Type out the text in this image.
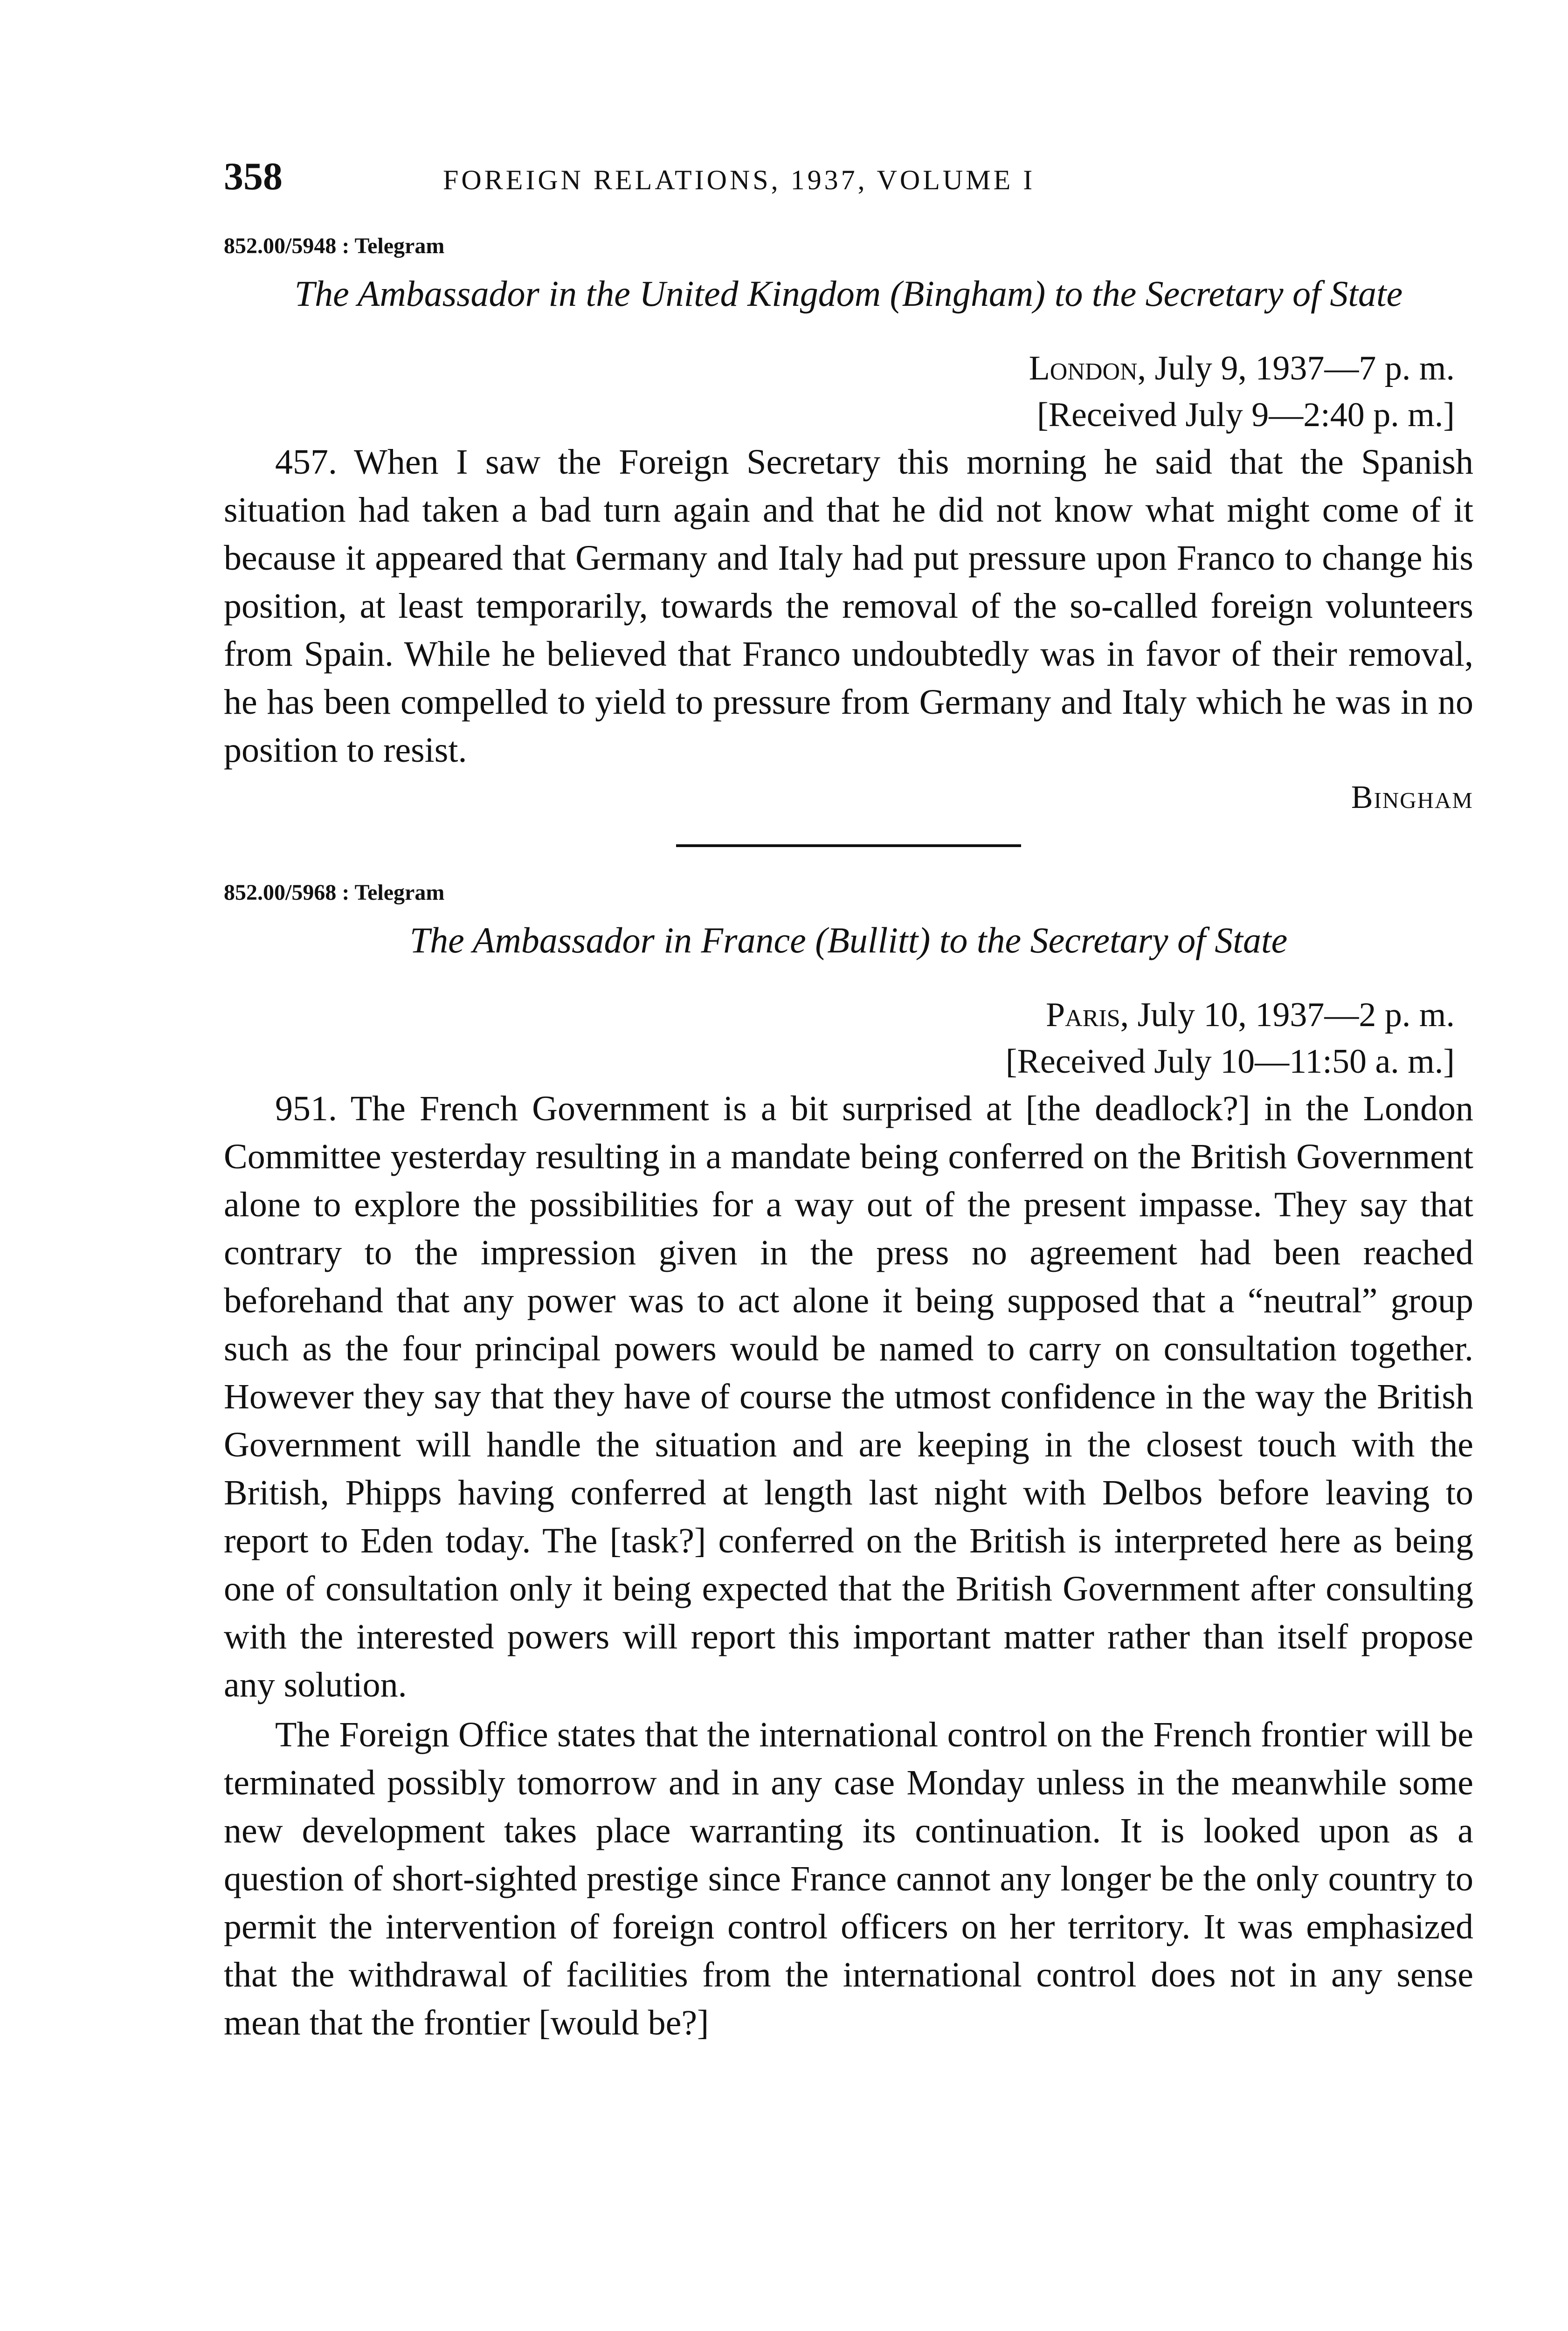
358	FOREIGN RELATIONS, 1937, VOLUME I
852.00/5948 : Telegram
The Ambassador in the United Kingdom (Bingham) to the Secretary of State
London, July 9, 1937—7 p. m.
[Received July 9—2:40 p. m.]

457. When I saw the Foreign Secretary this morning he said that the Spanish situation had taken a bad turn again and that he did not know what might come of it because it appeared that Germany and Italy had put pressure upon Franco to change his position, at least temporarily, towards the removal of the so-called foreign volunteers from Spain. While he believed that Franco undoubtedly was in favor of their removal, he has been compelled to yield to pressure from Germany and Italy which he was in no position to resist.

Bingham
852.00/5968 : Telegram
The Ambassador in France (Bullitt) to the Secretary of State
Paris, July 10, 1937—2 p. m.
[Received July 10—11:50 a. m.]

951. The French Government is a bit surprised at [the deadlock?] in the London Committee yesterday resulting in a mandate being conferred on the British Government alone to explore the possibilities for a way out of the present impasse. They say that contrary to the impression given in the press no agreement had been reached beforehand that any power was to act alone it being supposed that a “neutral” group such as the four principal powers would be named to carry on consultation together. However they say that they have of course the utmost confidence in the way the British Government will handle the situation and are keeping in the closest touch with the British, Phipps having conferred at length last night with Delbos before leaving to report to Eden today. The [task?] conferred on the British is interpreted here as being one of consultation only it being expected that the British Government after consulting with the interested powers will report this important matter rather than itself propose any solution.

The Foreign Office states that the international control on the French frontier will be terminated possibly tomorrow and in any case Monday unless in the meanwhile some new development takes place warranting its continuation. It is looked upon as a question of short-sighted prestige since France cannot any longer be the only country to permit the intervention of foreign control officers on her territory. It was emphasized that the withdrawal of facilities from the international control does not in any sense mean that the frontier [would be?]
